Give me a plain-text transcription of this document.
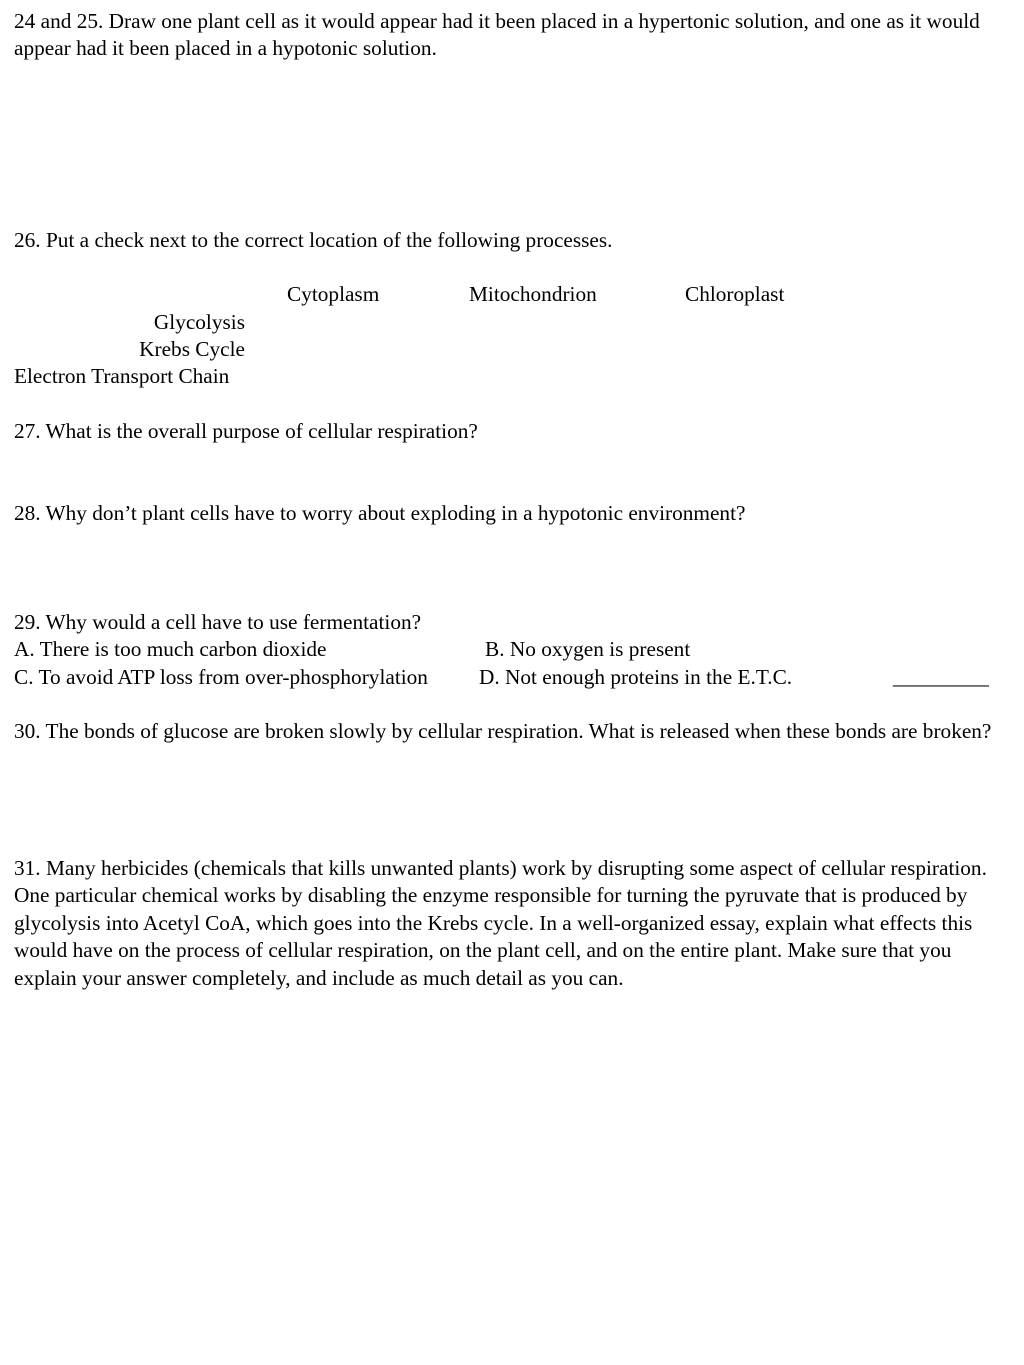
24 and 25. Draw one plant cell as it would appear had it been placed in a hypertonic solution, and one as it would appear had it been placed in a hypotonic solution.

26. Put a check next to the correct location of the following processes.

Cytoplasm	Mitochondrion	Chloroplast
Glycolysis
Krebs Cycle
Electron Transport Chain

27. What is the overall purpose of cellular respiration?

28. Why don’t plant cells have to worry about exploding in a hypotonic environment?

29. Why would a cell have to use fermentation?
A. There is too much carbon dioxide	B. No oxygen is present
C. To avoid ATP loss from over-phosphorylation D. Not enough proteins in the E.T.C.	_________

30. The bonds of glucose are broken slowly by cellular respiration. What is released when these bonds are broken?

31. Many herbicides (chemicals that kills unwanted plants) work by disrupting some aspect of cellular respiration. One particular chemical works by disabling the enzyme responsible for turning the pyruvate that is produced by glycolysis into Acetyl CoA, which goes into the Krebs cycle. In a well-organized essay, explain what effects this would have on the process of cellular respiration, on the plant cell, and on the entire plant. Make sure that you explain your answer completely, and include as much detail as you can.
